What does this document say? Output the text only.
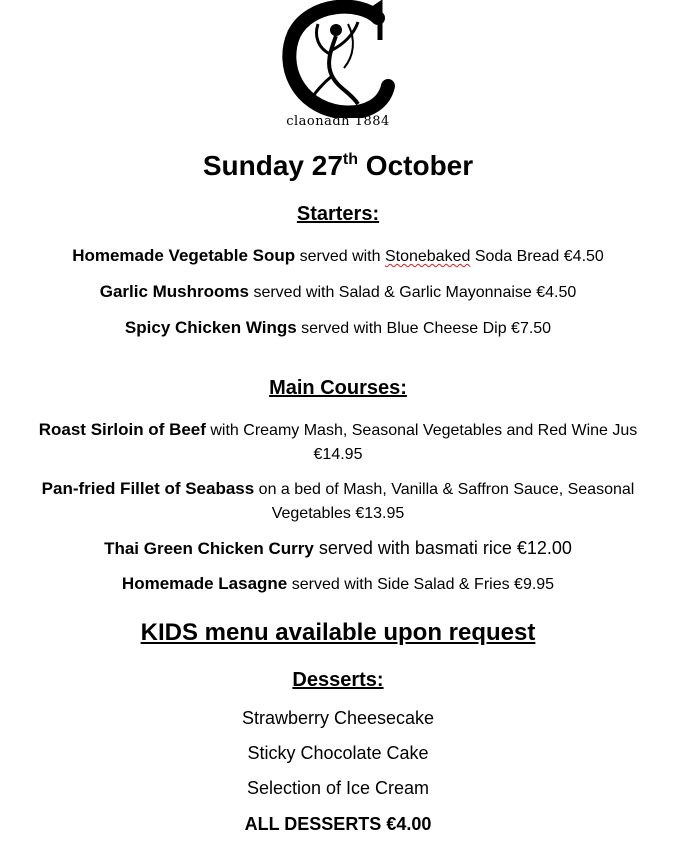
claonadh 1884
Sunday 27th October
Starters:
Homemade Vegetable Soup served with Stonebaked Soda Bread €4.50
Garlic Mushrooms served with Salad & Garlic Mayonnaise €4.50
Spicy Chicken Wings served with Blue Cheese Dip €7.50
Main Courses:
Roast Sirloin of Beef with Creamy Mash, Seasonal Vegetables and Red Wine Jus €14.95
Pan-fried Fillet of Seabass on a bed of Mash, Vanilla & Saffron Sauce, Seasonal Vegetables €13.95
Thai Green Chicken Curry served with basmati rice €12.00
Homemade Lasagne served with Side Salad & Fries €9.95
KIDS menu available upon request
Desserts:
Strawberry Cheesecake
Sticky Chocolate Cake
Selection of Ice Cream
ALL DESSERTS €4.00
